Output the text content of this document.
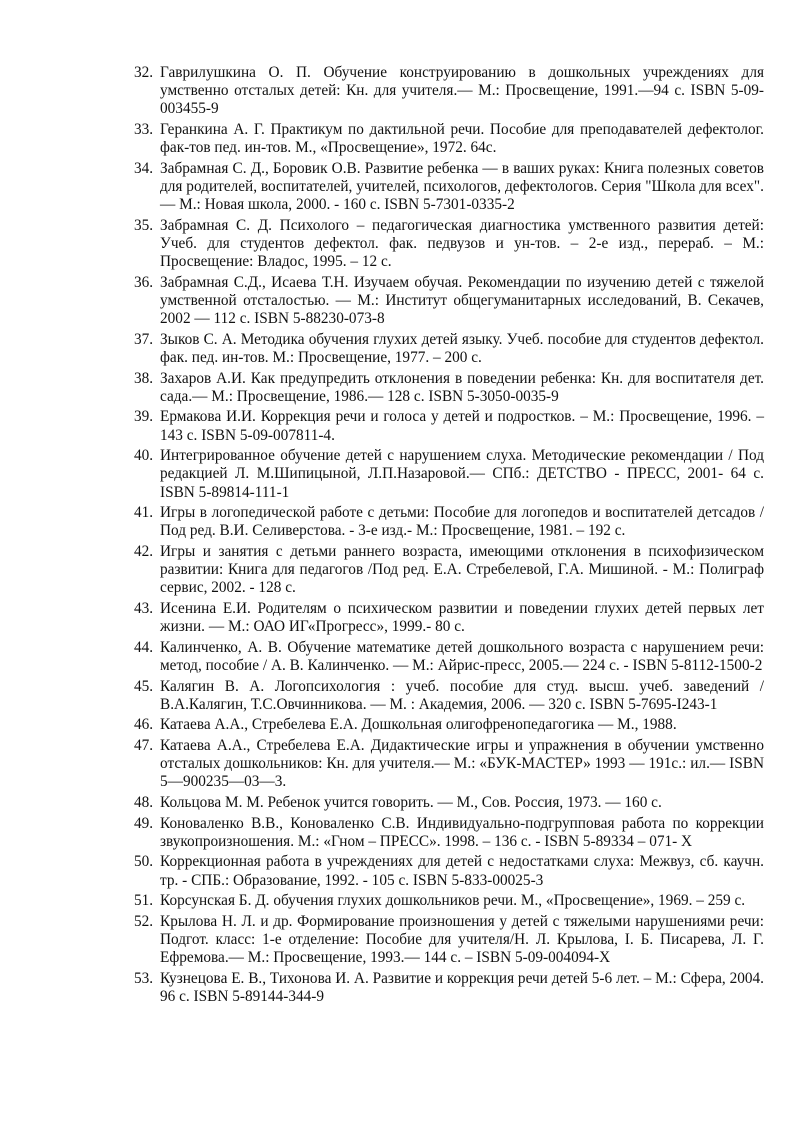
32. Гаврилушкина О. П. Обучение конструированию в дошкольных учреждениях для умственно отсталых детей: Кн. для учителя.— М.: Просвещение, 1991.—94 с. ISBN 5-09-003455-9
33. Геранкина А. Г. Практикум по дактильной речи. Пособие для преподавателей дефектолог. фак-тов пед. ин-тов. М., «Просвещение», 1972. 64с.
34. Забрамная С. Д., Боровик О.В. Развитие ребенка — в ваших руках: Книга полезных советов для родителей, воспитателей, учителей, психологов, дефектологов. Серия "Школа для всех". — М.: Новая школа, 2000. - 160 с. ISBN 5-7301-0335-2
35. Забрамная С. Д. Психолого – педагогическая диагностика умственного развития детей: Учеб. для студентов дефектол. фак. педвузов и ун-тов. – 2-е изд., перераб. – М.: Просвещение: Владос, 1995. – 12 с.
36. Забрамная С.Д., Исаева Т.Н. Изучаем обучая. Рекомендации по изучению детей с тяжелой умственной отсталостью. — М.: Институт общегуманитарных исследований, В. Секачев, 2002 — 112 с. ISBN 5-88230-073-8
37. Зыков С. А. Методика обучения глухих детей языку. Учеб. пособие для студентов дефектол. фак. пед. ин-тов. М.: Просвещение, 1977. – 200 с.
38. Захаров А.И. Как предупредить отклонения в поведении ребенка: Кн. для воспитателя дет. сада.— М.: Просвещение, 1986.— 128 с. ISBN 5-3050-0035-9
39. Ермакова И.И. Коррекция речи и голоса у детей и подростков. – М.: Просвещение, 1996. – 143 с. ISBN 5-09-007811-4.
40. Интегрированное обучение детей с нарушением слуха. Методические рекомендации / Под редакцией Л. М.Шипицыной, Л.П.Назаровой.— СПб.: ДЕТСТВО - ПРЕСС, 2001- 64 с. ISBN 5-89814-111-1
41. Игры в логопедической работе с детьми: Пособие для логопедов и воспитателей детсадов / Под ред. В.И. Селиверстова. - 3-е изд.- М.: Просвещение, 1981. – 192 с.
42. Игры и занятия с детьми раннего возраста, имеющими отклонения в психофизическом развитии: Книга для педагогов /Под ред. Е.А. Стребелевой, Г.А. Мишиной. - М.: Полиграф сервис, 2002. - 128 с.
43. Исенина Е.И. Родителям о психическом развитии и поведении глухих детей первых лет жизни. — М.: ОАО ИГ«Прогресс», 1999.- 80 с.
44. Калинченко, А. В. Обучение математике детей дошкольного возраста с нарушением речи: метод, пособие / А. В. Калинченко. — М.: Айрис-пресс, 2005.— 224 с. - ISBN 5-8112-1500-2
45. Калягин В. А. Логопсихология : учеб. пособие для студ. высш. учеб. заведений / В.А.Калягин, Т.С.Овчинникова. — М. : Академия, 2006. — 320 с. ISBN 5-7695-I243-1
46. Катаева А.А., Стребелева Е.А. Дошкольная олигофренопедагогика — М., 1988.
47. Катаева А.А., Стребелева Е.А. Дидактические игры и упражнения в обучении умственно отсталых дошкольников: Кн. для учителя.— М.: «БУК-МАСТЕР» 1993 — 191с.: ил.— ISBN 5—900235—03—3.
48. Кольцова М. М. Ребенок учится говорить. — М., Сов. Россия, 1973. — 160 с.
49. Коноваленко В.В., Коноваленко С.В. Индивидуально-подгрупповая работа по коррекции звукопроизношения. М.: «Гном – ПРЕСС». 1998. – 136 с. - ISBN 5-89334 – 071- Х
50. Коррекционная работа в учреждениях для детей с недостатками слуха: Межвуз, сб. каучн. тр. - СПБ.: Образование, 1992. - 105 с. ISBN 5-833-00025-3
51. Корсунская Б. Д. обучения глухих дошкольников речи. М., «Просвещение», 1969. – 259 с.
52. Крылова Н. Л. и др. Формирование произношения у детей с тяжелыми нарушениями речи: Подгот. класс: 1-е отделение: Пособие для учителя/Н. Л. Крылова, I. Б. Писарева, Л. Г. Ефремова.— М.: Просвещение, 1993.— 144 с. – ISBN 5-09-004094-Х
53. Кузнецова Е. В., Тихонова И. А. Развитие и коррекция речи детей 5-6 лет. – М.: Сфера, 2004. 96 с. ISBN 5-89144-344-9
